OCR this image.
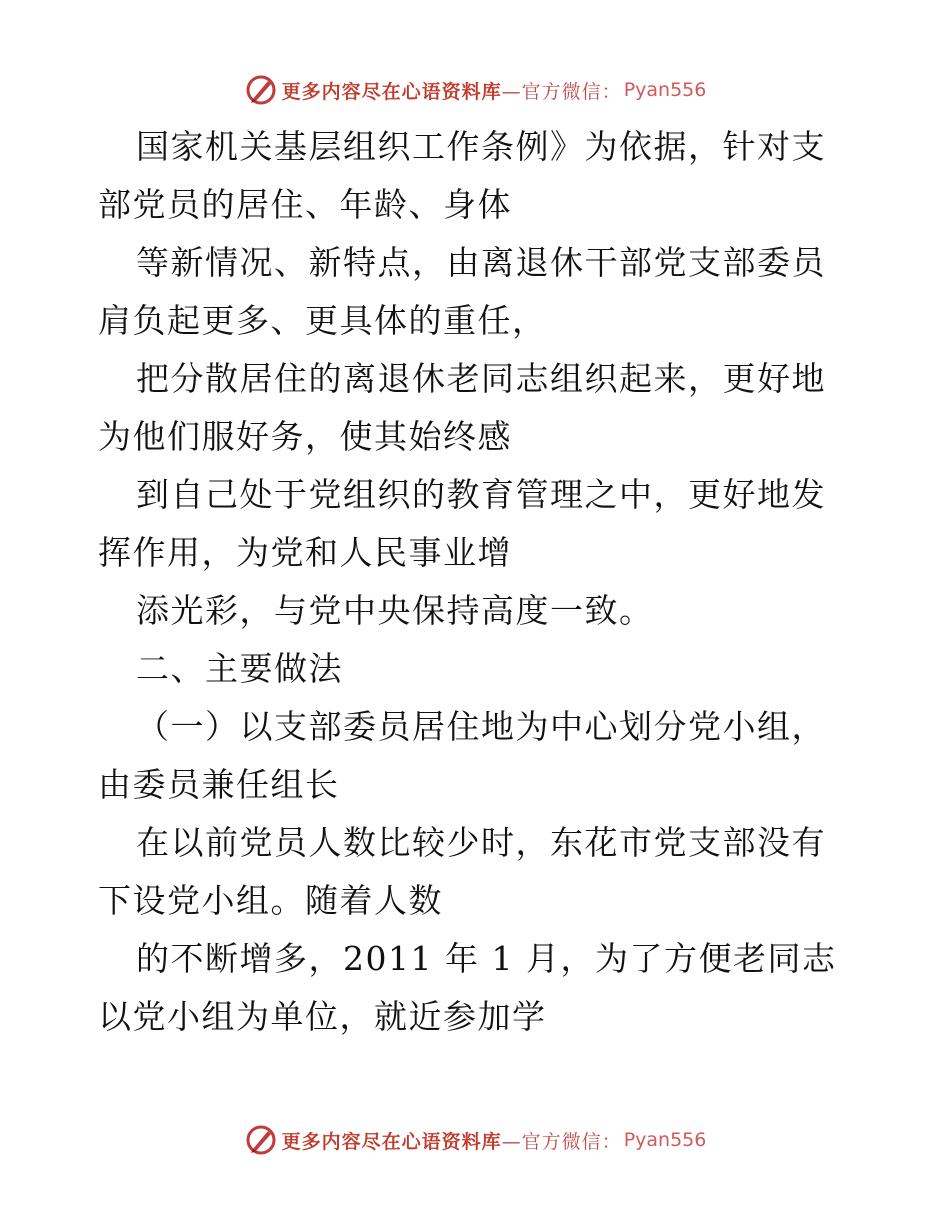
更多内容尽在心语资料库 —官方微信： Pyan556

国家机关基层组织工作条例》为依据，针对支部党员的居住、年龄、身体

等新情况、新特点，由离退休干部党支部委员肩负起更多、更具体的重任，

把分散居住的离退休老同志组织起来，更好地为他们服好务，使其始终感

到自己处于党组织的教育管理之中，更好地发挥作用，为党和人民事业增

添光彩，与党中央保持高度一致。

二、主要做法

（一）以支部委员居住地为中心划分党小组，由委员兼任组长

在以前党员人数比较少时，东花市党支部没有下设党小组。随着人数

的不断增多，2011 年 1 月，为了方便老同志以党小组为单位，就近参加学

更多内容尽在心语资料库 —官方微信： Pyan556
